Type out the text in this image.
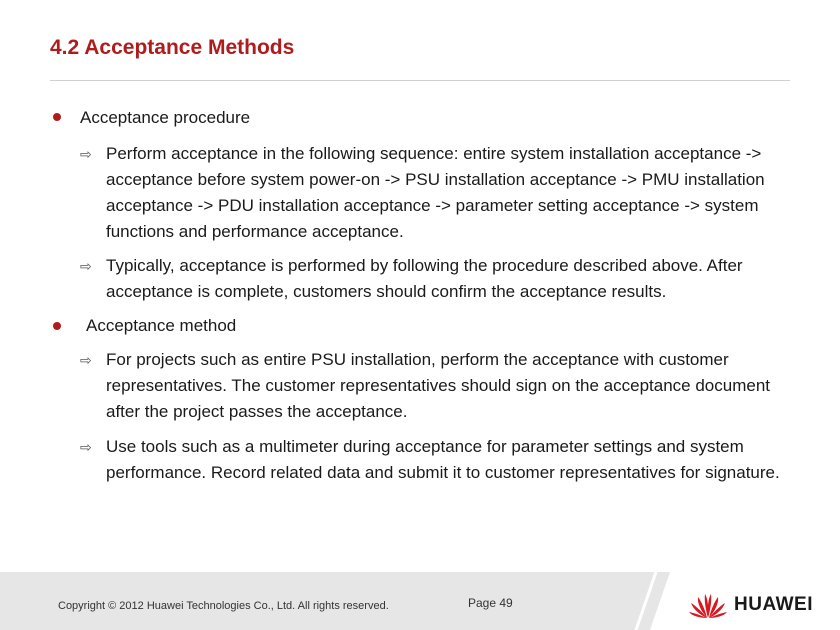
4.2 Acceptance Methods
Acceptance procedure
⇨ Perform acceptance in the following sequence: entire system installation acceptance -> acceptance before system power-on -> PSU installation acceptance -> PMU installation acceptance -> PDU installation acceptance -> parameter setting acceptance -> system functions and performance acceptance.
⇨ Typically, acceptance is performed by following the procedure described above. After acceptance is complete, customers should confirm the acceptance results.
Acceptance method
⇨ For projects such as entire PSU installation, perform the acceptance with customer representatives. The customer representatives should sign on the acceptance document after the project passes the acceptance.
⇨ Use tools such as a multimeter during acceptance for parameter settings and system performance. Record related data and submit it to customer representatives for signature.
Copyright © 2012 Huawei Technologies Co., Ltd. All rights reserved.	Page 49	HUAWEI
